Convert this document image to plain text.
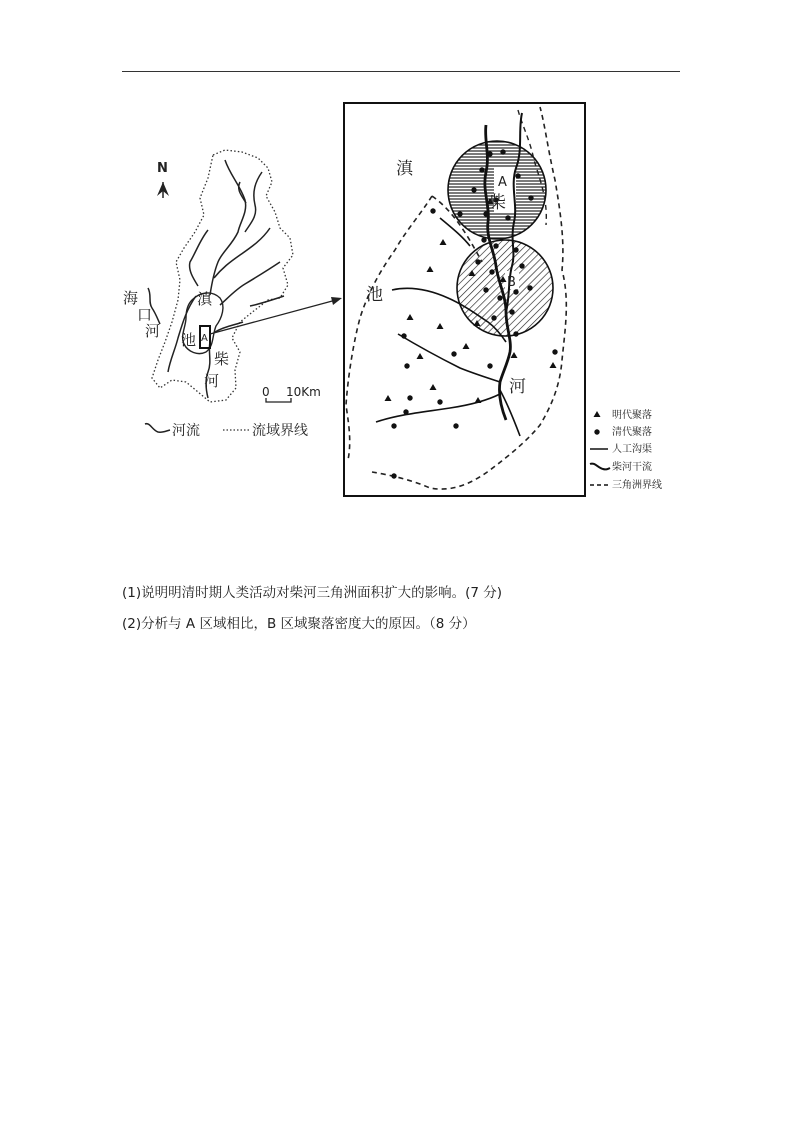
N
A
海
口
河
滇
池
柴
河
0 10Km
河流	流域界线
滇
池
柴
河
A
B
明代聚落
清代聚落
人工沟渠
柴河干流
三角洲界线
(1)说明明清时期人类活动对柴河三角洲面积扩大的影响。(7 分)
(2)分析与 A 区域相比，B 区域聚落密度大的原因。（8 分）
